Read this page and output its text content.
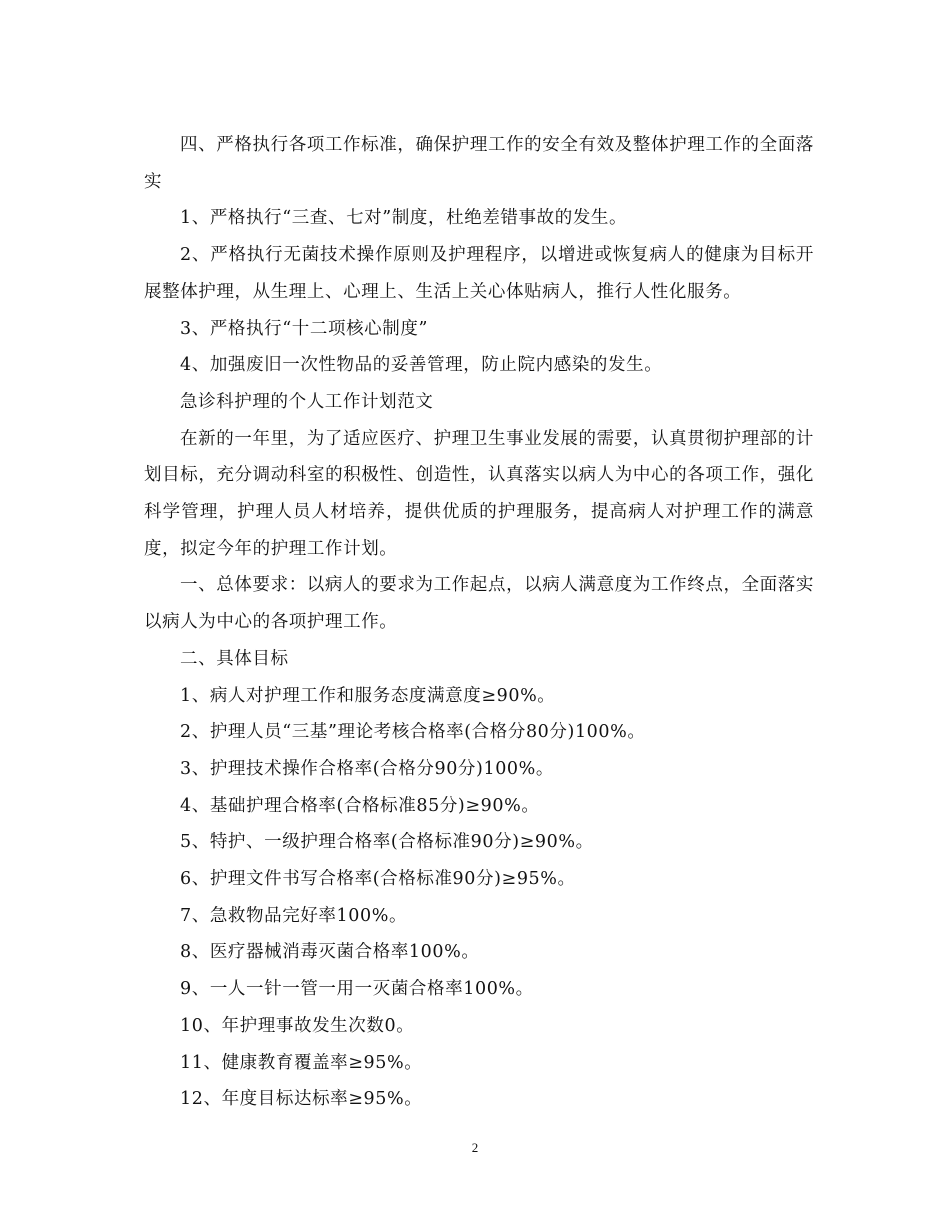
四、严格执行各项工作标准，确保护理工作的安全有效及整体护理工作的全面落实

1、严格执行“三查、七对”制度，杜绝差错事故的发生。

2、严格执行无菌技术操作原则及护理程序，以增进或恢复病人的健康为目标开展整体护理，从生理上、心理上、生活上关心体贴病人，推行人性化服务。

3、严格执行“十二项核心制度”

4、加强废旧一次性物品的妥善管理，防止院内感染的发生。

急诊科护理的个人工作计划范文

在新的一年里，为了适应医疗、护理卫生事业发展的需要，认真贯彻护理部的计划目标，充分调动科室的积极性、创造性，认真落实以病人为中心的各项工作，强化科学管理，护理人员人材培养，提供优质的护理服务，提高病人对护理工作的满意度，拟定今年的护理工作计划。

一、总体要求：以病人的要求为工作起点，以病人满意度为工作终点，全面落实以病人为中心的各项护理工作。

二、具体目标

1、病人对护理工作和服务态度满意度≥90%。

2、护理人员“三基”理论考核合格率(合格分80分)100%。

3、护理技术操作合格率(合格分90分)100%。

4、基础护理合格率(合格标准85分)≥90%。

5、特护、一级护理合格率(合格标准90分)≥90%。

6、护理文件书写合格率(合格标准90分)≥95%。

7、急救物品完好率100%。

8、医疗器械消毒灭菌合格率100%。

9、一人一针一管一用一灭菌合格率100%。

10、年护理事故发生次数0。

11、健康教育覆盖率≥95%。

12、年度目标达标率≥95%。

2
